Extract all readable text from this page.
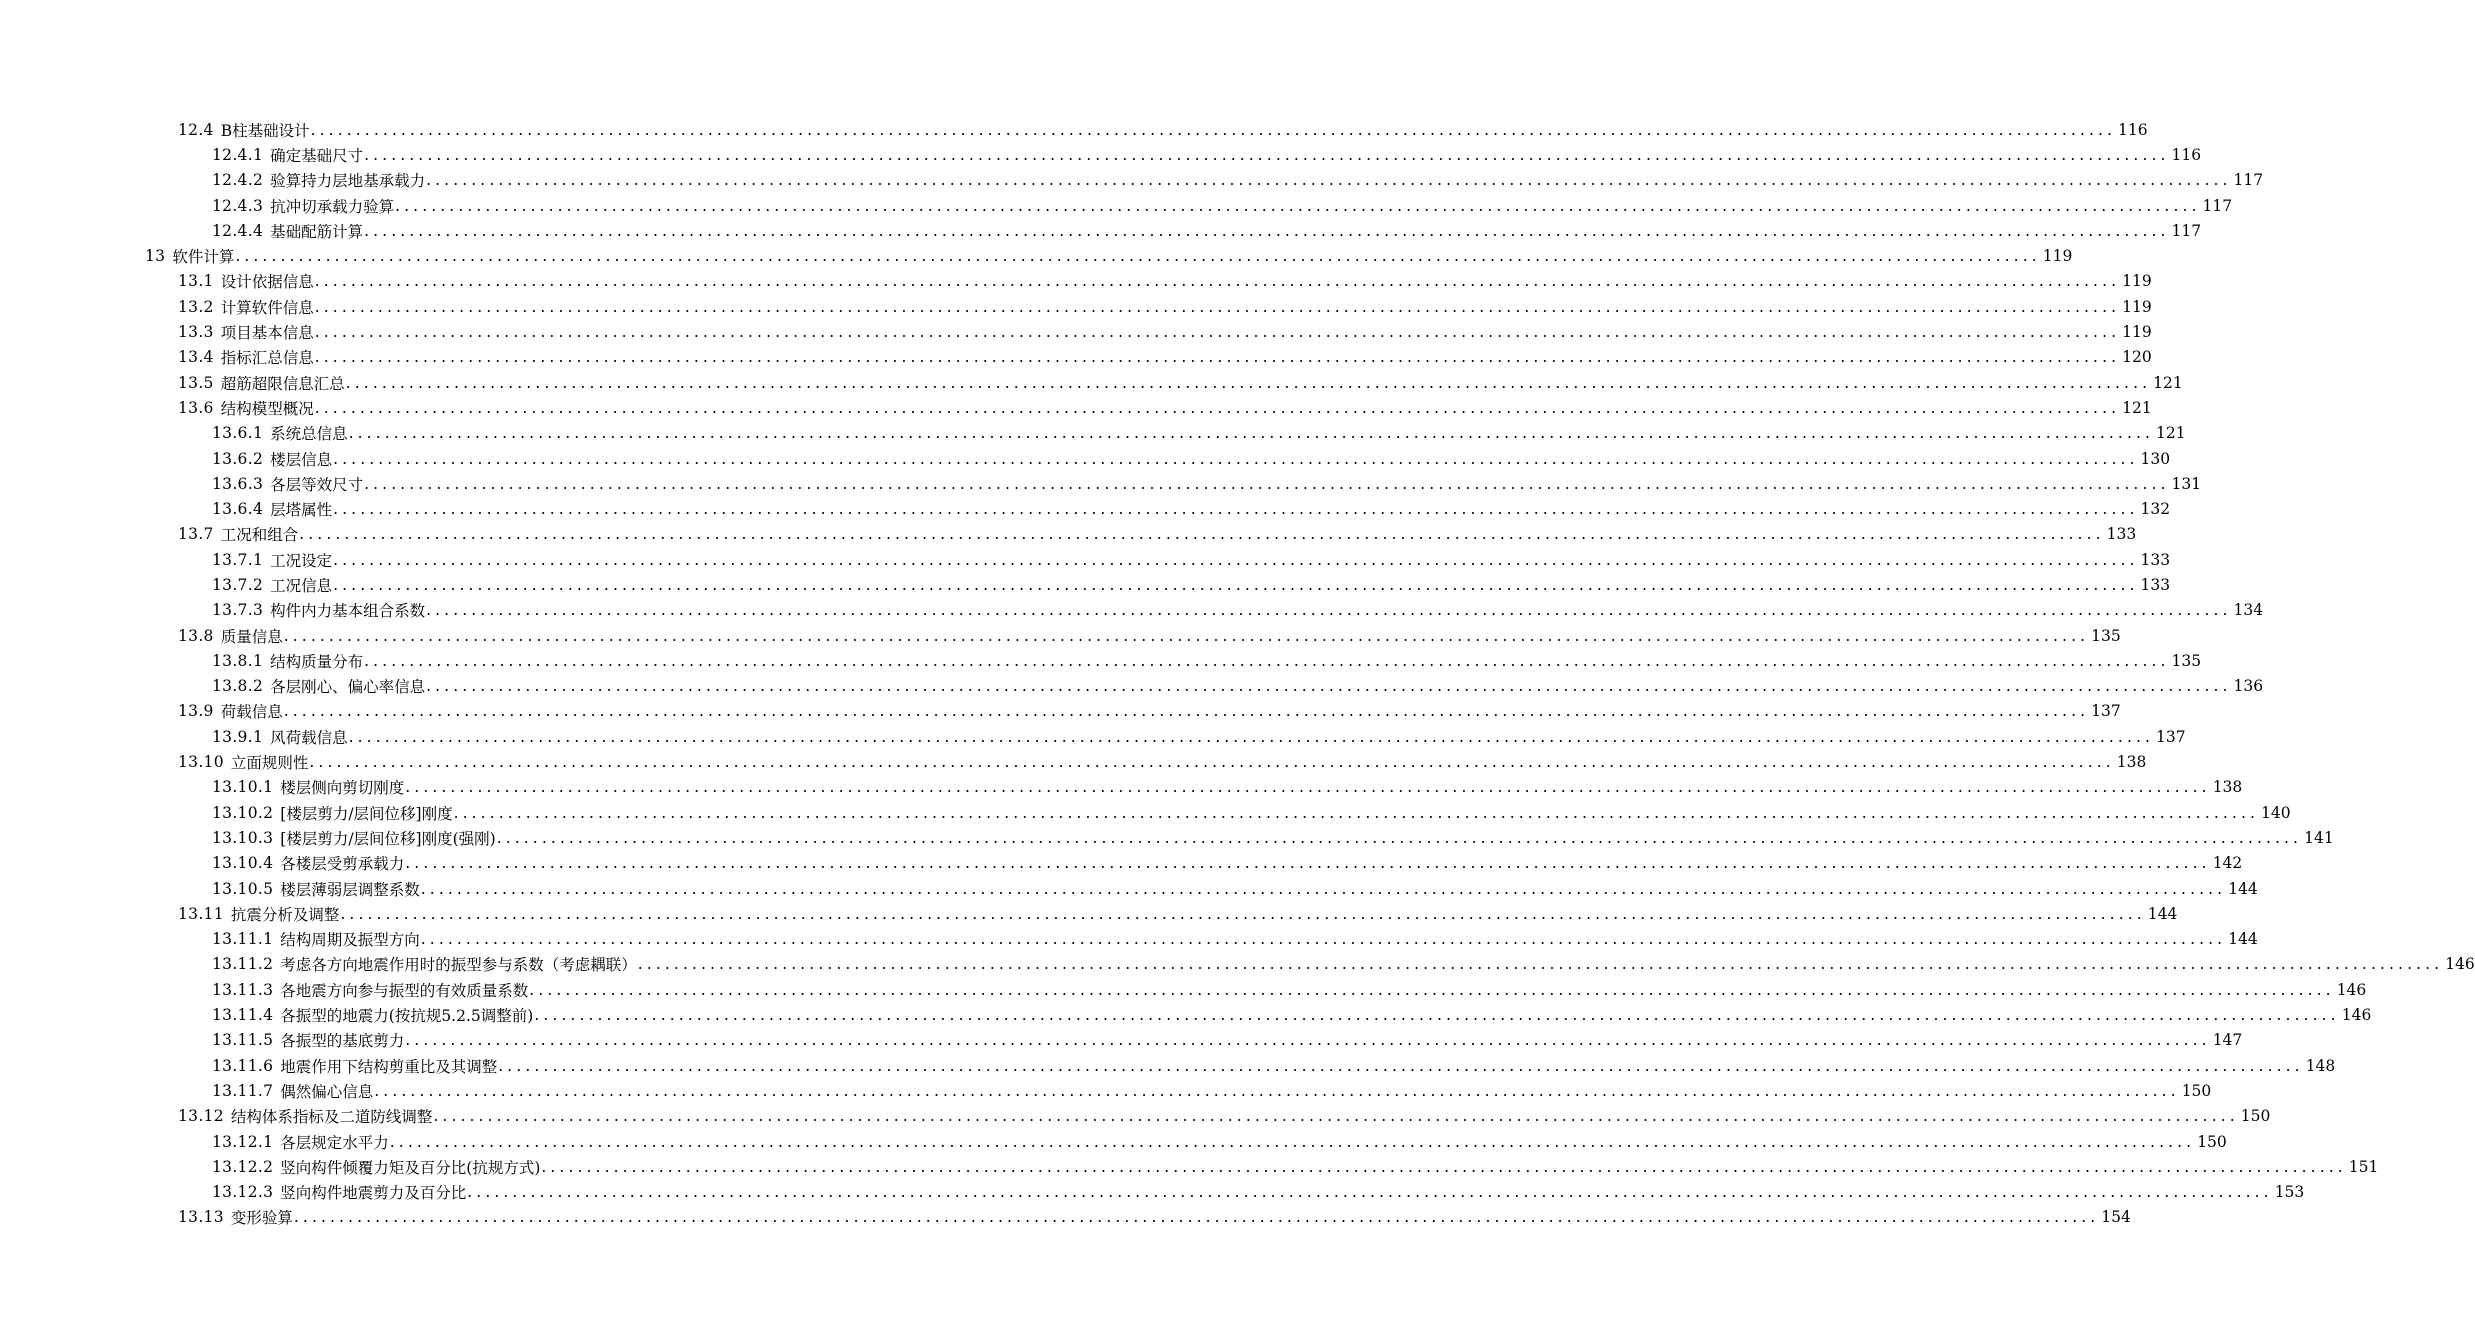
12.4 B柱基础设计 ........................................................................................................................................................................................................ 116
12.4.1 确定基础尺寸 ........................................................................................................................................................................................................ 116
12.4.2 验算持力层地基承载力 ........................................................................................................................................................................................................ 117
12.4.3 抗冲切承载力验算 ........................................................................................................................................................................................................ 117
12.4.4 基础配筋计算 ........................................................................................................................................................................................................ 117
13 软件计算 ........................................................................................................................................................................................................ 119
13.1 设计依据信息 ........................................................................................................................................................................................................ 119
13.2 计算软件信息 ........................................................................................................................................................................................................ 119
13.3 项目基本信息 ........................................................................................................................................................................................................ 119
13.4 指标汇总信息 ........................................................................................................................................................................................................ 120
13.5 超筋超限信息汇总 ........................................................................................................................................................................................................ 121
13.6 结构模型概况 ........................................................................................................................................................................................................ 121
13.6.1 系统总信息 ........................................................................................................................................................................................................ 121
13.6.2 楼层信息 ........................................................................................................................................................................................................ 130
13.6.3 各层等效尺寸 ........................................................................................................................................................................................................ 131
13.6.4 层塔属性 ........................................................................................................................................................................................................ 132
13.7 工况和组合 ........................................................................................................................................................................................................ 133
13.7.1 工况设定 ........................................................................................................................................................................................................ 133
13.7.2 工况信息 ........................................................................................................................................................................................................ 133
13.7.3 构件内力基本组合系数 ........................................................................................................................................................................................................ 134
13.8 质量信息 ........................................................................................................................................................................................................ 135
13.8.1 结构质量分布 ........................................................................................................................................................................................................ 135
13.8.2 各层刚心、偏心率信息 ........................................................................................................................................................................................................ 136
13.9 荷载信息 ........................................................................................................................................................................................................ 137
13.9.1 风荷载信息 ........................................................................................................................................................................................................ 137
13.10 立面规则性 ........................................................................................................................................................................................................ 138
13.10.1 楼层侧向剪切刚度 ........................................................................................................................................................................................................ 138
13.10.2 [楼层剪力/层间位移]刚度 ........................................................................................................................................................................................................ 140
13.10.3 [楼层剪力/层间位移]刚度(强刚) ........................................................................................................................................................................................................ 141
13.10.4 各楼层受剪承载力 ........................................................................................................................................................................................................ 142
13.10.5 楼层薄弱层调整系数 ........................................................................................................................................................................................................ 144
13.11 抗震分析及调整 ........................................................................................................................................................................................................ 144
13.11.1 结构周期及振型方向 ........................................................................................................................................................................................................ 144
13.11.2 考虑各方向地震作用时的振型参与系数（考虑耦联） ........................................................................................................................................................................................................ 146
13.11.3 各地震方向参与振型的有效质量系数 ........................................................................................................................................................................................................ 146
13.11.4 各振型的地震力(按抗规5.2.5调整前) ........................................................................................................................................................................................................ 146
13.11.5 各振型的基底剪力 ........................................................................................................................................................................................................ 147
13.11.6 地震作用下结构剪重比及其调整 ........................................................................................................................................................................................................ 148
13.11.7 偶然偏心信息 ........................................................................................................................................................................................................ 150
13.12 结构体系指标及二道防线调整 ........................................................................................................................................................................................................ 150
13.12.1 各层规定水平力 ........................................................................................................................................................................................................ 150
13.12.2 竖向构件倾覆力矩及百分比(抗规方式) ........................................................................................................................................................................................................ 151
13.12.3 竖向构件地震剪力及百分比 ........................................................................................................................................................................................................ 153
13.13 变形验算 ........................................................................................................................................................................................................ 154
